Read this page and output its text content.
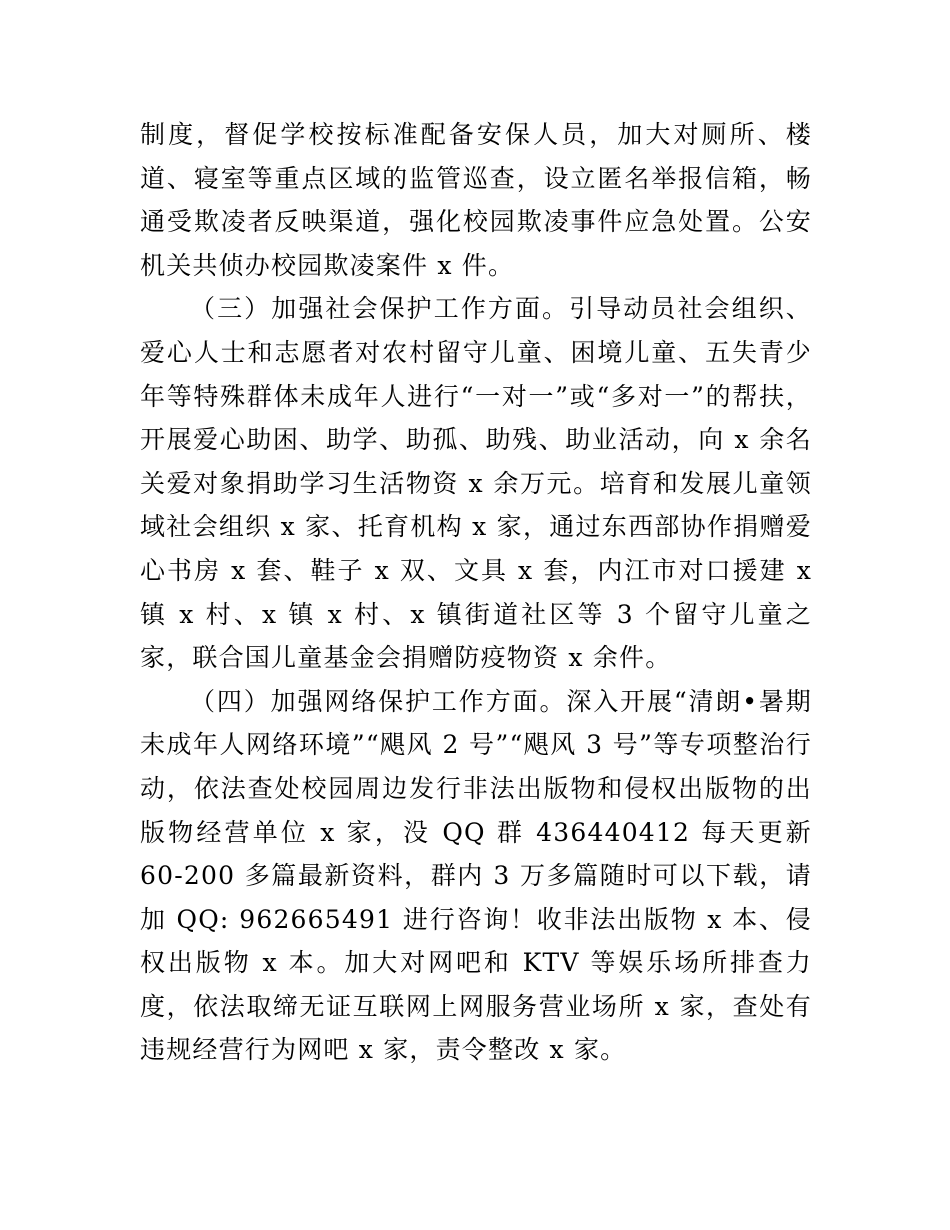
制度，督促学校按标准配备安保人员，加大对厕所、楼道、寝室等重点区域的监管巡查，设立匿名举报信箱，畅通受欺凌者反映渠道，强化校园欺凌事件应急处置。公安机关共侦办校园欺凌案件 x 件。

（三）加强社会保护工作方面。引导动员社会组织、爱心人士和志愿者对农村留守儿童、困境儿童、五失青少年等特殊群体未成年人进行“一对一”或“多对一”的帮扶，开展爱心助困、助学、助孤、助残、助业活动，向 x 余名关爱对象捐助学习生活物资 x 余万元。培育和发展儿童领域社会组织 x 家、托育机构 x 家，通过东西部协作捐赠爱心书房 x 套、鞋子 x 双、文具 x 套，内江市对口援建 x 镇 x 村、x 镇 x 村、x 镇街道社区等 3 个留守儿童之家，联合国儿童基金会捐赠防疫物资 x 余件。

（四）加强网络保护工作方面。深入开展“清朗•暑期未成年人网络环境”“飓风 2 号”“飓风 3 号”等专项整治行动，依法查处校园周边发行非法出版物和侵权出版物的出版物经营单位 x 家，没 QQ 群 436440412 每天更新 60-200 多篇最新资料，群内 3 万多篇随时可以下载，请加 QQ: 962665491 进行咨询！收非法出版物 x 本、侵权出版物 x 本。加大对网吧和 KTV 等娱乐场所排查力度，依法取缔无证互联网上网服务营业场所 x 家，查处有违规经营行为网吧 x 家，责令整改 x 家。
